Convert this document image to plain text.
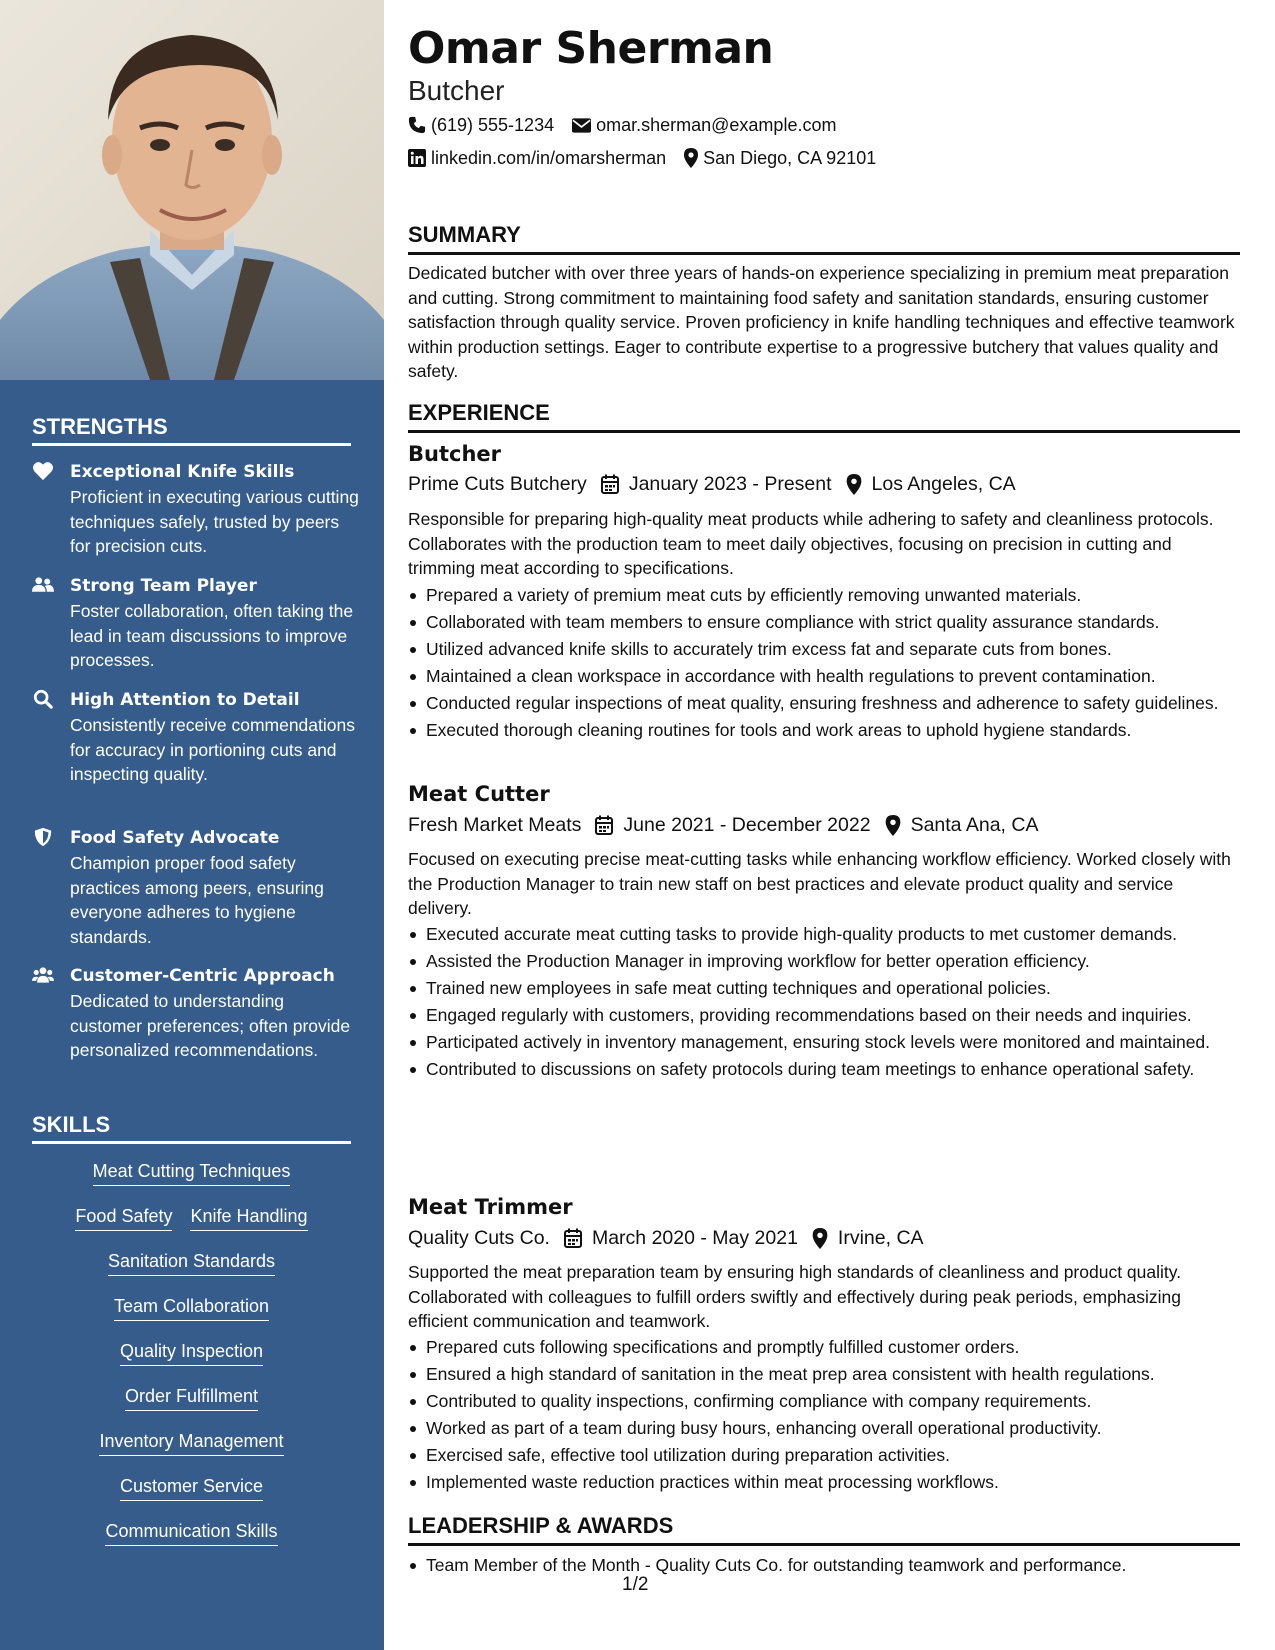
STRENGTHS
Exceptional Knife Skills
Proficient in executing various cutting techniques safely, trusted by peers for precision cuts.
Strong Team Player
Foster collaboration, often taking the lead in team discussions to improve processes.
High Attention to Detail
Consistently receive commendations for accuracy in portioning cuts and inspecting quality.
Food Safety Advocate
Champion proper food safety practices among peers, ensuring everyone adheres to hygiene standards.
Customer-Centric Approach
Dedicated to understanding customer preferences; often provide personalized recommendations.
SKILLS
Meat Cutting Techniques
Food Safety Knife Handling
Sanitation Standards
Team Collaboration
Quality Inspection
Order Fulfillment
Inventory Management
Customer Service
Communication Skills
Omar Sherman
Butcher
(619) 555-1234 omar.sherman@example.com
linkedin.com/in/omarsherman San Diego, CA 92101
SUMMARY
Dedicated butcher with over three years of hands-on experience specializing in premium meat preparation and cutting. Strong commitment to maintaining food safety and sanitation standards, ensuring customer satisfaction through quality service. Proven proficiency in knife handling techniques and effective teamwork within production settings. Eager to contribute expertise to a progressive butchery that values quality and safety.
EXPERIENCE
Butcher
Prime Cuts Butchery January 2023 - Present Los Angeles, CA
Responsible for preparing high-quality meat products while adhering to safety and cleanliness protocols. Collaborates with the production team to meet daily objectives, focusing on precision in cutting and trimming meat according to specifications.
Prepared a variety of premium meat cuts by efficiently removing unwanted materials.
Collaborated with team members to ensure compliance with strict quality assurance standards.
Utilized advanced knife skills to accurately trim excess fat and separate cuts from bones.
Maintained a clean workspace in accordance with health regulations to prevent contamination.
Conducted regular inspections of meat quality, ensuring freshness and adherence to safety guidelines.
Executed thorough cleaning routines for tools and work areas to uphold hygiene standards.
Meat Cutter
Fresh Market Meats June 2021 - December 2022 Santa Ana, CA
Focused on executing precise meat-cutting tasks while enhancing workflow efficiency. Worked closely with the Production Manager to train new staff on best practices and elevate product quality and service delivery.
Executed accurate meat cutting tasks to provide high-quality products to met customer demands.
Assisted the Production Manager in improving workflow for better operation efficiency.
Trained new employees in safe meat cutting techniques and operational policies.
Engaged regularly with customers, providing recommendations based on their needs and inquiries.
Participated actively in inventory management, ensuring stock levels were monitored and maintained.
Contributed to discussions on safety protocols during team meetings to enhance operational safety.
Meat Trimmer
Quality Cuts Co. March 2020 - May 2021 Irvine, CA
Supported the meat preparation team by ensuring high standards of cleanliness and product quality. Collaborated with colleagues to fulfill orders swiftly and effectively during peak periods, emphasizing efficient communication and teamwork.
Prepared cuts following specifications and promptly fulfilled customer orders.
Ensured a high standard of sanitation in the meat prep area consistent with health regulations.
Contributed to quality inspections, confirming compliance with company requirements.
Worked as part of a team during busy hours, enhancing overall operational productivity.
Exercised safe, effective tool utilization during preparation activities.
Implemented waste reduction practices within meat processing workflows.
LEADERSHIP & AWARDS
Team Member of the Month - Quality Cuts Co. for outstanding teamwork and performance.
1/2
